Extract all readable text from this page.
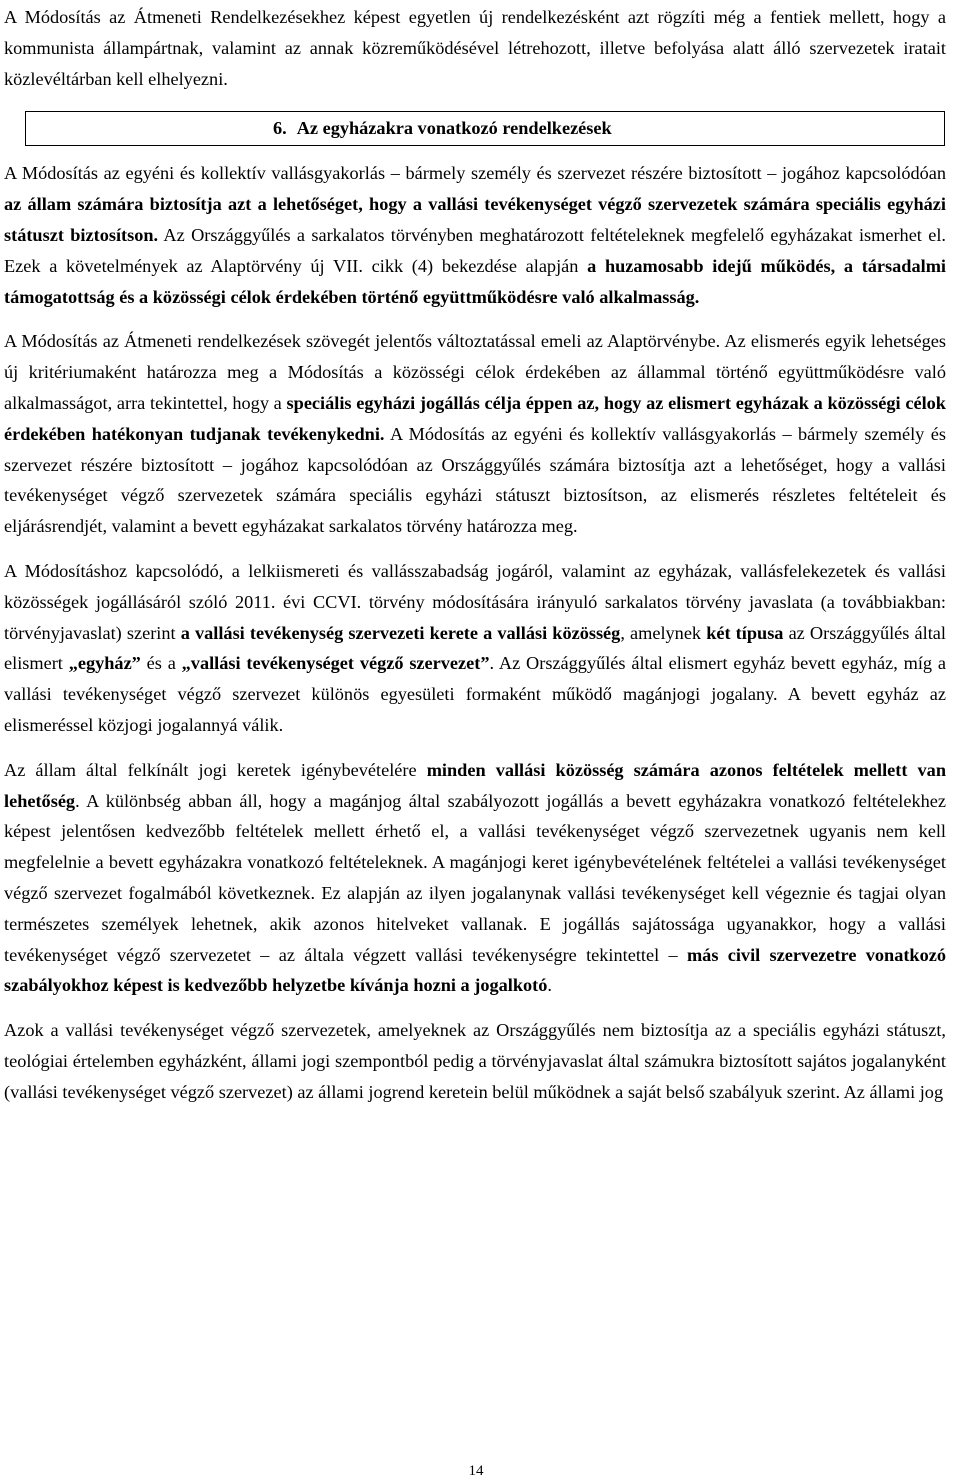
A Módosítás az Átmeneti Rendelkezésekhez képest egyetlen új rendelkezésként azt rögzíti még a fentiek mellett, hogy a kommunista állampártnak, valamint az annak közreműködésével létrehozott, illetve befolyása alatt álló szervezetek iratait közlevéltárban kell elhelyezni.

6. Az egyházakra vonatkozó rendelkezések

A Módosítás az egyéni és kollektív vallásgyakorlás – bármely személy és szervezet részére biztosított – jogához kapcsolódóan az állam számára biztosítja azt a lehetőséget, hogy a vallási tevékenységet végző szervezetek számára speciális egyházi státuszt biztosítson. Az Országgyűlés a sarkalatos törvényben meghatározott feltételeknek megfelelő egyházakat ismerhet el. Ezek a követelmények az Alaptörvény új VII. cikk (4) bekezdése alapján a huzamosabb idejű működés, a társadalmi támogatottság és a közösségi célok érdekében történő együttműködésre való alkalmasság.

A Módosítás az Átmeneti rendelkezések szövegét jelentős változtatással emeli az Alaptörvénybe. Az elismerés egyik lehetséges új kritériumaként határozza meg a Módosítás a közösségi célok érdekében az állammal történő együttműködésre való alkalmasságot, arra tekintettel, hogy a speciális egyházi jogállás célja éppen az, hogy az elismert egyházak a közösségi célok érdekében hatékonyan tudjanak tevékenykedni. A Módosítás az egyéni és kollektív vallásgyakorlás – bármely személy és szervezet részére biztosított – jogához kapcsolódóan az Országgyűlés számára biztosítja azt a lehetőséget, hogy a vallási tevékenységet végző szervezetek számára speciális egyházi státuszt biztosítson, az elismerés részletes feltételeit és eljárásrendjét, valamint a bevett egyházakat sarkalatos törvény határozza meg.

A Módosításhoz kapcsolódó, a lelkiismereti és vallásszabadság jogáról, valamint az egyházak, vallásfelekezetek és vallási közösségek jogállásáról szóló 2011. évi CCVI. törvény módosítására irányuló sarkalatos törvény javaslata (a továbbiakban: törvényjavaslat) szerint a vallási tevékenység szervezeti kerete a vallási közösség, amelynek két típusa az Országgyűlés által elismert „egyház” és a „vallási tevékenységet végző szervezet”. Az Országgyűlés által elismert egyház bevett egyház, míg a vallási tevékenységet végző szervezet különös egyesületi formaként működő magánjogi jogalany. A bevett egyház az elismeréssel közjogi jogalannyá válik.

Az állam által felkínált jogi keretek igénybevételére minden vallási közösség számára azonos feltételek mellett van lehetőség. A különbség abban áll, hogy a magánjog által szabályozott jogállás a bevett egyházakra vonatkozó feltételekhez képest jelentősen kedvezőbb feltételek mellett érhető el, a vallási tevékenységet végző szervezetnek ugyanis nem kell megfelelnie a bevett egyházakra vonatkozó feltételeknek. A magánjogi keret igénybevételének feltételei a vallási tevékenységet végző szervezet fogalmából következnek. Ez alapján az ilyen jogalanynak vallási tevékenységet kell végeznie és tagjai olyan természetes személyek lehetnek, akik azonos hitelveket vallanak. E jogállás sajátossága ugyanakkor, hogy a vallási tevékenységet végző szervezetet – az általa végzett vallási tevékenységre tekintettel – más civil szervezetre vonatkozó szabályokhoz képest is kedvezőbb helyzetbe kívánja hozni a jogalkotó.

Azok a vallási tevékenységet végző szervezetek, amelyeknek az Országgyűlés nem biztosítja az a speciális egyházi státuszt, teológiai értelemben egyházként, állami jogi szempontból pedig a törvényjavaslat által számukra biztosított sajátos jogalanyként (vallási tevékenységet végző szervezet) az állami jogrend keretein belül működnek a saját belső szabályuk szerint. Az állami jog

14
